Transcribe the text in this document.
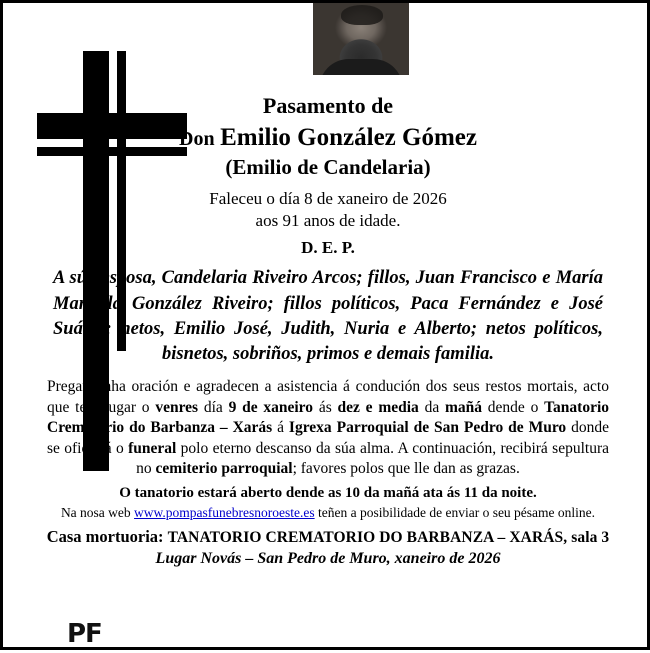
Pasamento de
Don Emilio González Gómez
(Emilio de Candelaria)
Faleceu o día 8 de xaneiro de 2026
aos 91 anos de idade.
D. E. P.
A súa esposa, Candelaria Riveiro Arcos; fillos, Juan Francisco e María Manuela González Riveiro; fillos políticos, Paca Fernández e José Suárez; netos, Emilio José, Judith, Nuria e Alberto; netos políticos, bisnetos, sobriños, primos e demais familia.
Pregan unha oración e agradecen a asistencia á condución dos seus restos mortais, acto que terá lugar o venres día 9 de xaneiro ás dez e media da mañá dende o Tanatorio Crematorio do Barbanza – Xarás á Igrexa Parroquial de San Pedro de Muro donde se oficiará o funeral polo eterno descanso da súa alma. A continuación, recibirá sepultura no cemiterio parroquial; favores polos que lle dan as grazas.
O tanatorio estará aberto dende as 10 da mañá ata ás 11 da noite.
Na nosa web www.pompasfunebresnoroeste.es teñen a posibilidade de enviar o seu pésame online.
Casa mortuoria: TANATORIO CREMATORIO DO BARBANZA – XARÁS, sala 3
Lugar Novás – San Pedro de Muro, xaneiro de 2026
PF
